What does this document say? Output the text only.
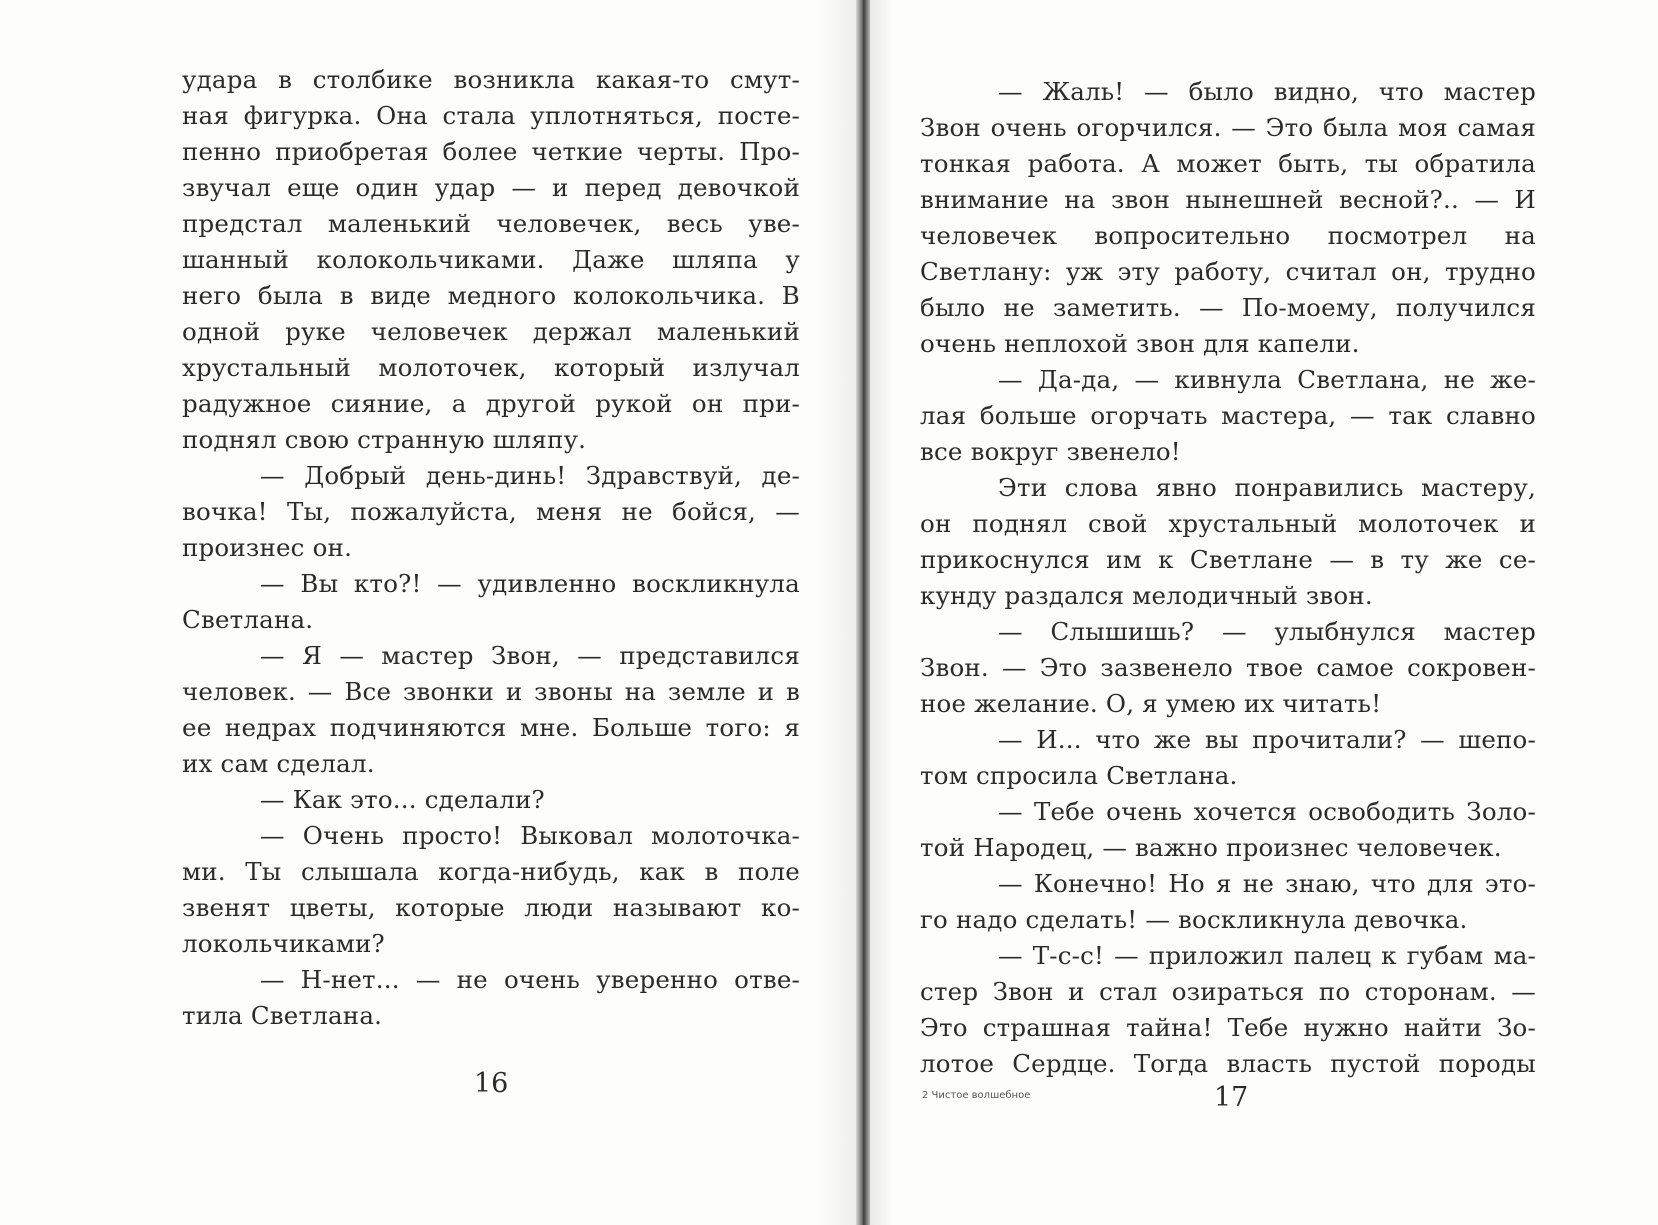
удара в столбике возникла какая-то смут-
ная фигурка. Она стала уплотняться, посте-
пенно приобретая более четкие черты. Про-
звучал еще один удар — и перед девочкой
предстал маленький человечек, весь уве-
шанный колокольчиками. Даже шляпа у
него была в виде медного колокольчика. В
одной руке человечек держал маленький
хрустальный молоточек, который излучал
радужное сияние, а другой рукой он при-
поднял свою странную шляпу.
— Добрый день-динь! Здравствуй, де-
вочка! Ты, пожалуйста, меня не бойся, —
произнес он.
— Вы кто?! — удивленно воскликнула
Светлана.
— Я — мастер Звон, — представился
человек. — Все звонки и звоны на земле и в
ее недрах подчиняются мне. Больше того: я
их сам сделал.
— Как это... сделали?
— Очень просто! Выковал молоточка-
ми. Ты слышала когда-нибудь, как в поле
звенят цветы, которые люди называют ко-
локольчиками?
— Н-нет... — не очень уверенно отве-
тила Светлана.
16
— Жаль! — было видно, что мастер
Звон очень огорчился. — Это была моя самая
тонкая работа. А может быть, ты обратила
внимание на звон нынешней весной?.. — И
человечек вопросительно посмотрел на
Светлану: уж эту работу, считал он, трудно
было не заметить. — По-моему, получился
очень неплохой звон для капели.
— Да-да, — кивнула Светлана, не же-
лая больше огорчать мастера, — так славно
все вокруг звенело!
Эти слова явно понравились мастеру,
он поднял свой хрустальный молоточек и
прикоснулся им к Светлане — в ту же се-
кунду раздался мелодичный звон.
— Слышишь? — улыбнулся мастер
Звон. — Это зазвенело твое самое сокровен-
ное желание. О, я умею их читать!
— И... что же вы прочитали? — шепо-
том спросила Светлана.
— Тебе очень хочется освободить Золо-
той Народец, — важно произнес человечек.
— Конечно! Но я не знаю, что для это-
го надо сделать! — воскликнула девочка.
— Т-с-с! — приложил палец к губам ма-
стер Звон и стал озираться по сторонам. —
Это страшная тайна! Тебе нужно найти Зо-
лотое Сердце. Тогда власть пустой породы
2 Чистое волшебное	17
